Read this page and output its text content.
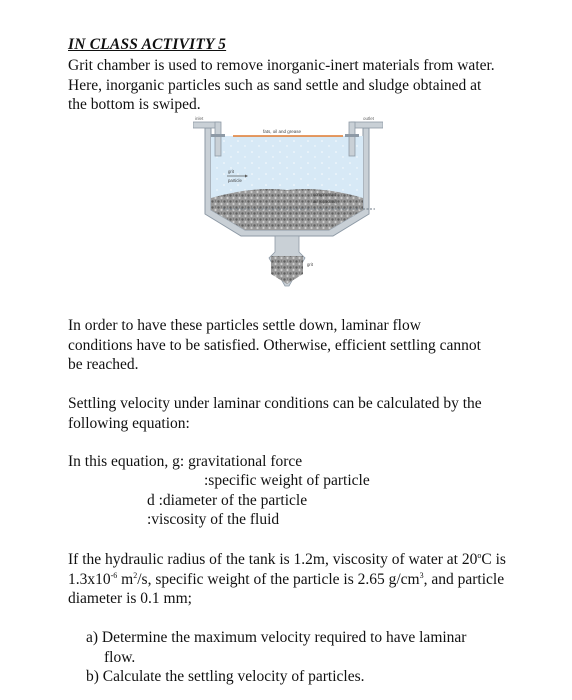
IN CLASS ACTIVITY 5
Grit chamber is used to remove inorganic-inert materials from water. Here, inorganic particles such as sand settle and sludge obtained at the bottom is swiped.
inlet	outlet
fats, oil and grease
grit
particle
compressed
air (optional)
grit
In order to have these particles settle down, laminar flow conditions have to be satisfied. Otherwise, efficient settling cannot be reached.
Settling velocity under laminar conditions can be calculated by the following equation:
In this equation, g: gravitational force
:specific weight of particle
d :diameter of the particle
:viscosity of the fluid
If the hydraulic radius of the tank is 1.2m, viscosity of water at 20$^o$C is $1.3x10^{-6}$ $m^2/s$, specific weight of the particle is 2.65 $g/cm^3$, and particle diameter is 0.1 mm;
a) Determine the maximum velocity required to have laminar
flow.
b) Calculate the settling velocity of particles.
